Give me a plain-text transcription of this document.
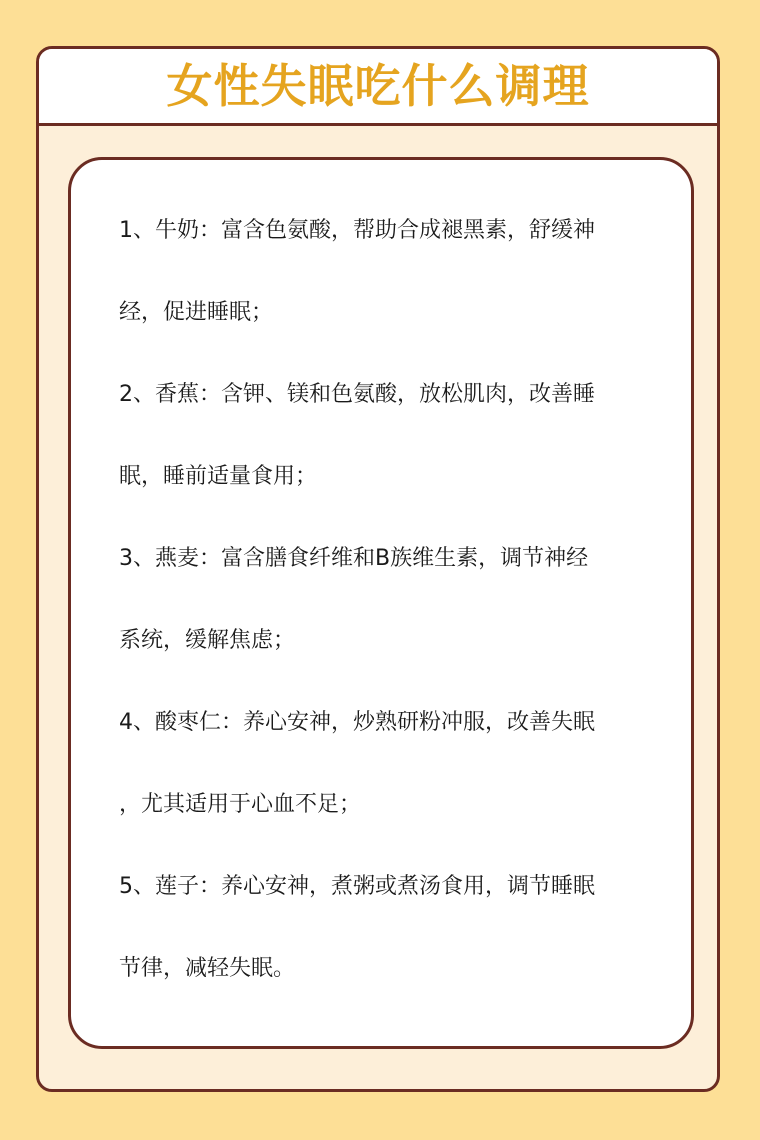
女性失眠吃什么调理

1、牛奶：富含色氨酸，帮助合成褪黑素，舒缓神

经，促进睡眠；

2、香蕉：含钾、镁和色氨酸，放松肌肉，改善睡

眠，睡前适量食用；

3、燕麦：富含膳食纤维和B族维生素，调节神经

系统，缓解焦虑；

4、酸枣仁：养心安神，炒熟研粉冲服，改善失眠

，尤其适用于心血不足；

5、莲子：养心安神，煮粥或煮汤食用，调节睡眠

节律，减轻失眠。
